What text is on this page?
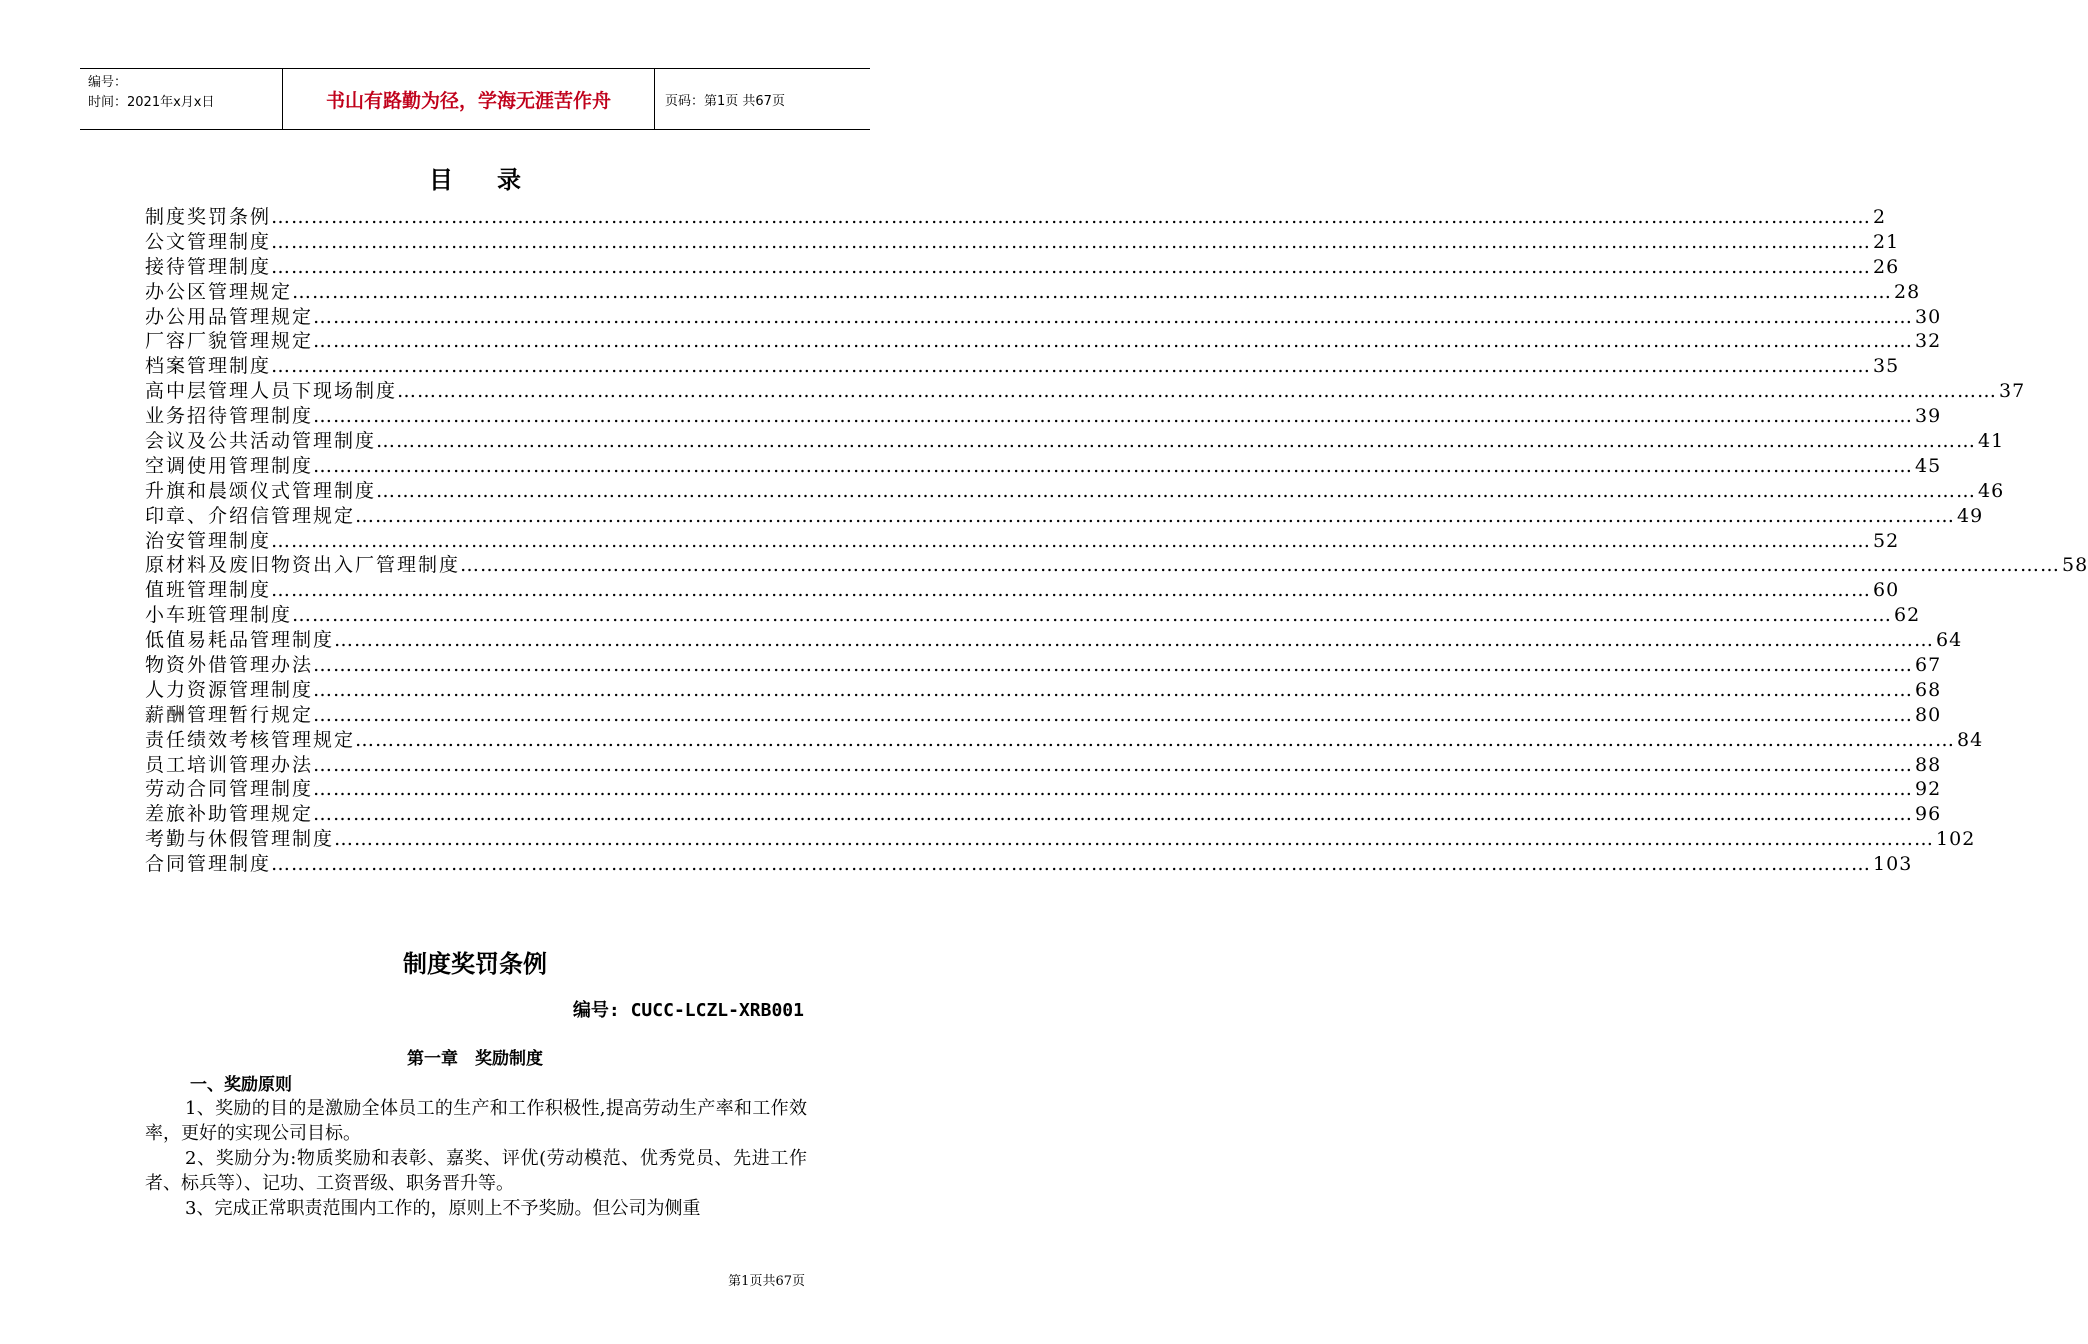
编号：
时间：2021年x月x日	书山有路勤为径，学海无涯苦作舟	页码：第1页 共67页
目录
制度奖罚条例 …………………………………………………………………………………………………………………………………………………………………………………………………………………… 2
公文管理制度 …………………………………………………………………………………………………………………………………………………………………………………………………………………… 21
接待管理制度 …………………………………………………………………………………………………………………………………………………………………………………………………………………… 26
办公区管理规定 …………………………………………………………………………………………………………………………………………………………………………………………………………………… 28
办公用品管理规定 …………………………………………………………………………………………………………………………………………………………………………………………………………………… 30
厂容厂貌管理规定 …………………………………………………………………………………………………………………………………………………………………………………………………………………… 32
档案管理制度 …………………………………………………………………………………………………………………………………………………………………………………………………………………… 35
高中层管理人员下现场制度 …………………………………………………………………………………………………………………………………………………………………………………………………………………… 37
业务招待管理制度 …………………………………………………………………………………………………………………………………………………………………………………………………………………… 39
会议及公共活动管理制度 …………………………………………………………………………………………………………………………………………………………………………………………………………………… 41
空调使用管理制度 …………………………………………………………………………………………………………………………………………………………………………………………………………………… 45
升旗和晨颂仪式管理制度 …………………………………………………………………………………………………………………………………………………………………………………………………………………… 46
印章、介绍信管理规定 …………………………………………………………………………………………………………………………………………………………………………………………………………………… 49
治安管理制度 …………………………………………………………………………………………………………………………………………………………………………………………………………………… 52
原材料及废旧物资出入厂管理制度 …………………………………………………………………………………………………………………………………………………………………………………………………………………… 58
值班管理制度 …………………………………………………………………………………………………………………………………………………………………………………………………………………… 60
小车班管理制度 …………………………………………………………………………………………………………………………………………………………………………………………………………………… 62
低值易耗品管理制度 …………………………………………………………………………………………………………………………………………………………………………………………………………………… 64
物资外借管理办法 …………………………………………………………………………………………………………………………………………………………………………………………………………………… 67
人力资源管理制度 …………………………………………………………………………………………………………………………………………………………………………………………………………………… 68
薪酬管理暂行规定 …………………………………………………………………………………………………………………………………………………………………………………………………………………… 80
责任绩效考核管理规定 …………………………………………………………………………………………………………………………………………………………………………………………………………………… 84
员工培训管理办法 …………………………………………………………………………………………………………………………………………………………………………………………………………………… 88
劳动合同管理制度 …………………………………………………………………………………………………………………………………………………………………………………………………………………… 92
差旅补助管理规定 …………………………………………………………………………………………………………………………………………………………………………………………………………………… 96
考勤与休假管理制度 …………………………………………………………………………………………………………………………………………………………………………………………………………………… 102
合同管理制度 …………………………………………………………………………………………………………………………………………………………………………………………………………………… 103
制度奖罚条例
编号: CUCC-LCZL-XRB001
第一章　奖励制度
一、奖励原则

1、奖励的目的是激励全体员工的生产和工作积极性,提高劳动生产率和工作效率，更好的实现公司目标。

2、奖励分为:物质奖励和表彰、嘉奖、评优(劳动模范、优秀党员、先进工作者、标兵等）、记功、工资晋级、职务晋升等。

3、完成正常职责范围内工作的，原则上不予奖励。但公司为侧重

第1页共67页
